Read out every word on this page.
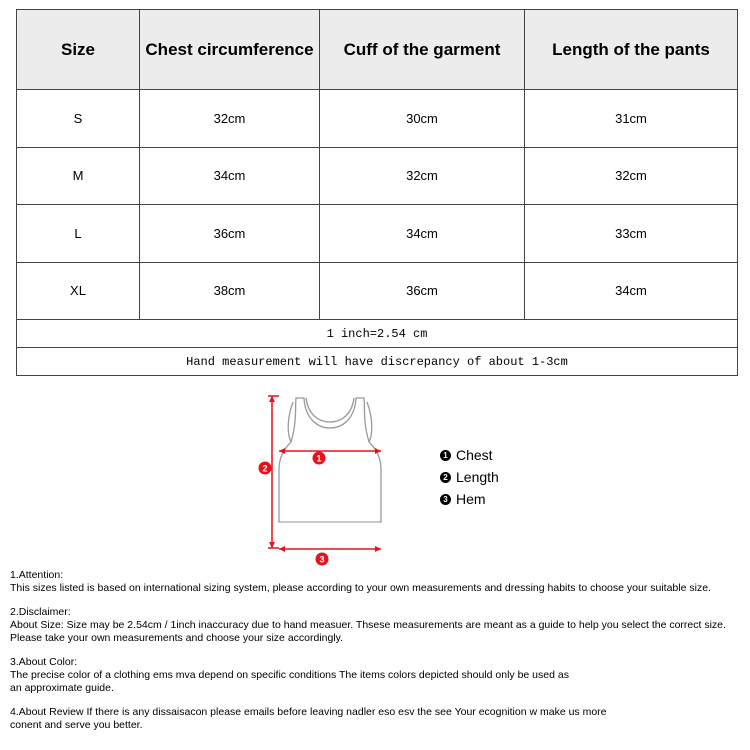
Size	Chest circumference	Cuff of the garment	Length of the pants
S	32cm	30cm	31cm
M	34cm	32cm	32cm
L	36cm	34cm	33cm
XL	38cm	36cm	34cm
1 inch=2.54 cm			
Hand measurement will have discrepancy of about 1-3cm			
1
2
3
1 Chest
2 Length
3 Hem
1.Attention:
This sizes listed is based on international sizing system, please according to your own measurements and dressing habits to choose your suitable size.
2.Disclaimer:
About Size: Size may be 2.54cm / 1inch inaccuracy due to hand measuer. Thsese measurements are meant as a guide to help you select the correct size.
Please take your own measurements and choose your size accordingly.
3.About Color:
The precise color of a clothing ems mva depend on specific conditions The items colors depicted should only be used as
an approximate guide.
4.About Review If there is any dissaisacon please emails before leaving nadler eso esv the see Your ecognition w make us more
conent and serve you better.
